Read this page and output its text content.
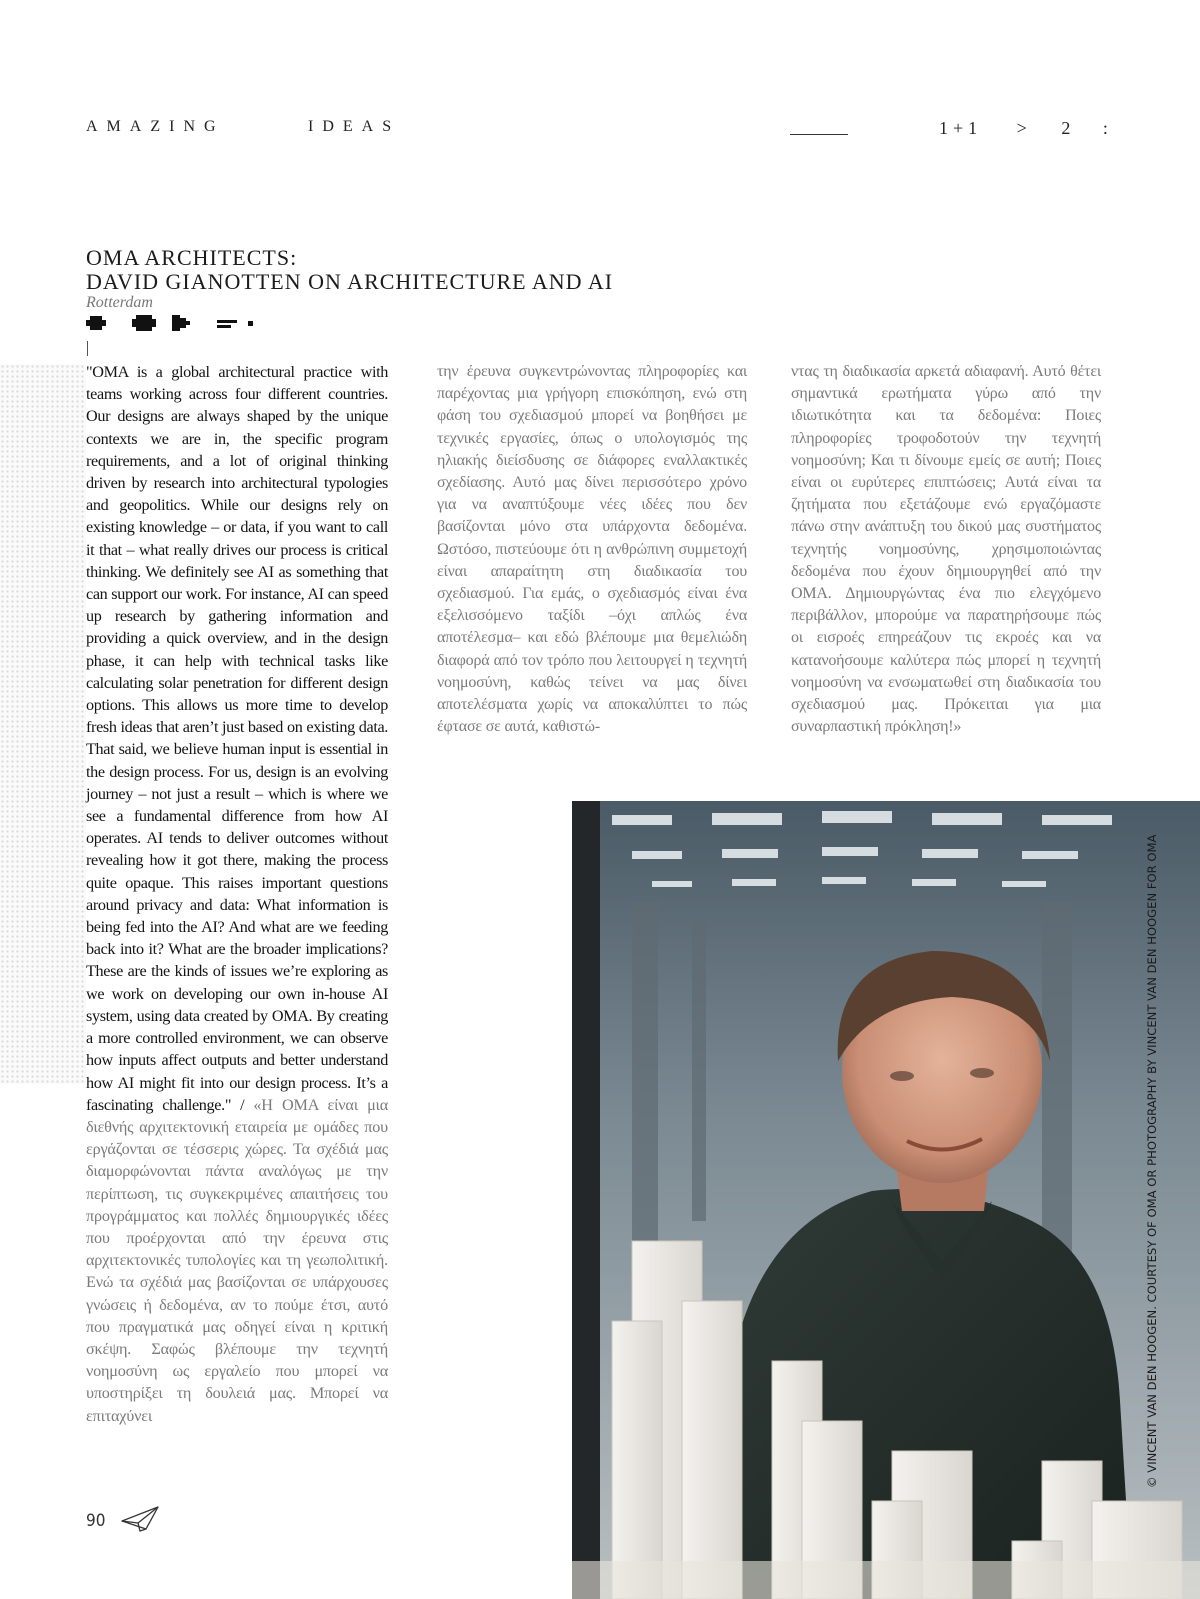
AMAZING	IDEAS	1+1 > 2 :
OMA ARCHITECTS:
DAVID GIANOTTEN ON ARCHITECTURE AND AI
Rotterdam
"OMA is a global architectural practice with teams working across four different countries. Our designs are always shaped by the unique contexts we are in, the specific program requirements, and a lot of original thinking driven by research into architectural typologies and geopolitics. While our designs rely on existing knowledge – or data, if you want to call it that – what really drives our process is critical thinking. We definitely see AI as something that can support our work. For instance, AI can speed up research by gathering information and providing a quick overview, and in the design phase, it can help with technical tasks like calculating solar penetration for different design options. This allows us more time to develop fresh ideas that aren’t just based on existing data. That said, we believe human input is essential in the design process. For us, design is an evolving journey – not just a result – which is where we see a fundamental difference from how AI operates. AI tends to deliver outcomes without revealing how it got there, making the process quite opaque. This raises important questions around privacy and data: What information is being fed into the AI? And what are we feeding back into it? What are the broader implications? These are the kinds of issues we’re exploring as we work on developing our own in-house AI system, using data created by OMA. By creating a more controlled environment, we can observe how inputs affect outputs and better understand how AI might fit into our design process. It’s a fascinating challenge." / «Η ΟΜΑ είναι μια διεθνής αρχιτεκτονική εταιρεία με ομάδες που εργάζονται σε τέσσερις χώρες. Τα σχέδιά μας διαμορφώνονται πάντα αναλόγως με την περίπτωση, τις συγκεκριμένες απαιτήσεις του προγράμματος και πολλές δημιουργικές ιδέες που προέρχονται από την έρευνα στις αρχιτεκτονικές τυπολογίες και τη γεωπολιτική. Ενώ τα σχέδιά μας βασίζονται σε υπάρχουσες γνώσεις ή δεδομένα, αν το πούμε έτσι, αυτό που πραγματικά μας οδηγεί είναι η κριτική σκέψη. Σαφώς βλέπουμε την τεχνητή νοημοσύνη ως εργαλείο που μπορεί να υποστηρίξει τη δουλειά μας. Μπορεί να επιταχύνει
την έρευνα συγκεντρώνοντας πληροφορίες και παρέχοντας μια γρήγορη επισκόπηση, ενώ στη φάση του σχεδιασμού μπορεί να βοηθήσει με τεχνικές εργασίες, όπως ο υπολογισμός της ηλιακής διείσδυσης σε διάφορες εναλλακτικές σχεδίασης. Αυτό μας δίνει περισσότερο χρόνο για να αναπτύξουμε νέες ιδέες που δεν βασίζονται μόνο στα υπάρχοντα δεδομένα. Ωστόσο, πιστεύουμε ότι η ανθρώπινη συμμετοχή είναι απαραίτητη στη διαδικασία του σχεδιασμού. Για εμάς, ο σχεδιασμός είναι ένα εξελισσόμενο ταξίδι –όχι απλώς ένα αποτέλεσμα– και εδώ βλέπουμε μια θεμελιώδη διαφορά από τον τρόπο που λειτουργεί η τεχνητή νοημοσύνη, καθώς τείνει να μας δίνει αποτελέσματα χωρίς να αποκαλύπτει το πώς έφτασε σε αυτά, καθιστώ-
ντας τη διαδικασία αρκετά αδιαφανή. Αυτό θέτει σημαντικά ερωτήματα γύρω από την ιδιωτικότητα και τα δεδομένα: Ποιες πληροφορίες τροφοδοτούν την τεχνητή νοημοσύνη; Και τι δίνουμε εμείς σε αυτή; Ποιες είναι οι ευρύτερες επιπτώσεις; Αυτά είναι τα ζητήματα που εξετάζουμε ενώ εργαζόμαστε πάνω στην ανάπτυξη του δικού μας συστήματος τεχνητής νοημοσύνης, χρησιμοποιώντας δεδομένα που έχουν δημιουργηθεί από την ΟΜΑ. Δημιουργώντας ένα πιο ελεγχόμενο περιβάλλον, μπορούμε να παρατηρήσουμε πώς οι εισροές επηρεάζουν τις εκροές και να κατανοήσουμε καλύτερα πώς μπορεί η τεχνητή νοημοσύνη να ενσωματωθεί στη διαδικασία του σχεδιασμού μας. Πρόκειται για μια συναρπαστική πρόκληση!»
© VINCENT VAN DEN HOOGEN. COURTESY OF OMA OR PHOTOGRAPHY BY VINCENT VAN DEN HOOGEN FOR OMA
90
